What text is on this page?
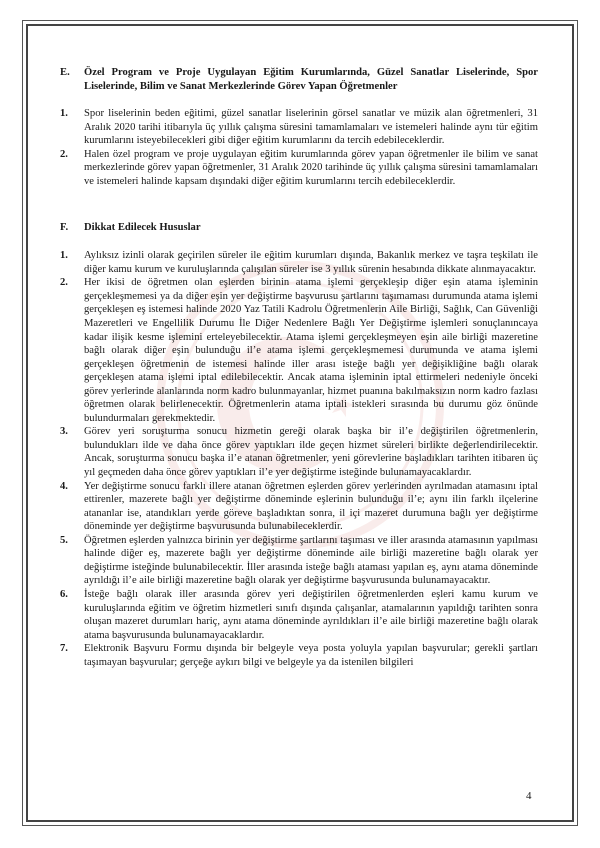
E.	Özel Program ve Proje Uygulayan Eğitim Kurumlarında, Güzel Sanatlar Liselerinde, Spor Liselerinde, Bilim ve Sanat Merkezlerinde Görev Yapan Öğretmenler
1.	Spor liselerinin beden eğitimi, güzel sanatlar liselerinin görsel sanatlar ve müzik alan öğretmenleri, 31 Aralık 2020 tarihi itibarıyla üç yıllık çalışma süresini tamamlamaları ve istemeleri halinde aynı tür eğitim kurumlarını isteyebilecekleri gibi diğer eğitim kurumlarını da tercih edebileceklerdir.
2.	Halen özel program ve proje uygulayan eğitim kurumlarında görev yapan öğretmenler ile bilim ve sanat merkezlerinde görev yapan öğretmenler, 31 Aralık 2020 tarihinde üç yıllık çalışma süresini tamamlamaları ve istemeleri halinde kapsam dışındaki diğer eğitim kurumlarını tercih edebileceklerdir.
F.	Dikkat Edilecek Hususlar
1.	Aylıksız izinli olarak geçirilen süreler ile eğitim kurumları dışında, Bakanlık merkez ve taşra teşkilatı ile diğer kamu kurum ve kuruluşlarında çalışılan süreler ise 3 yıllık sürenin hesabında dikkate alınmayacaktır.
2.	Her ikisi de öğretmen olan eşlerden birinin atama işlemi gerçekleşip diğer eşin atama işleminin gerçekleşmemesi ya da diğer eşin yer değiştirme başvurusu şartlarını taşımaması durumunda atama işlemi gerçekleşen eş istemesi halinde 2020 Yaz Tatili Kadrolu Öğretmenlerin Aile Birliği, Sağlık, Can Güvenliği Mazeretleri ve Engellilik Durumu İle Diğer Nedenlere Bağlı Yer Değiştirme işlemleri sonuçlanıncaya kadar ilişik kesme işlemini erteleyebilecektir. Atama işlemi gerçekleşmeyen eşin aile birliği mazeretine bağlı olarak diğer eşin bulunduğu il’e atama işlemi gerçekleşmemesi durumunda ve atama işlemi gerçekleşen öğretmenin de istemesi halinde iller arası isteğe bağlı yer değişikliğine bağlı olarak gerçekleşen atama işlemi iptal edilebilecektir. Ancak atama işleminin iptal ettirmeleri nedeniyle önceki görev yerlerinde alanlarında norm kadro bulunmayanlar, hizmet puanına bakılmaksızın norm kadro fazlası öğretmen olarak belirlenecektir. Öğretmenlerin atama iptali istekleri sırasında bu durumu göz önünde bulundurmaları gerekmektedir.
3.	Görev yeri soruşturma sonucu hizmetin gereği olarak başka bir il’e değiştirilen öğretmenlerin, bulundukları ilde ve daha önce görev yaptıkları ilde geçen hizmet süreleri birlikte değerlendirilecektir. Ancak, soruşturma sonucu başka il’e atanan öğretmenler, yeni görevlerine başladıkları tarihten itibaren üç yıl geçmeden daha önce görev yaptıkları il’e yer değiştirme isteğinde bulunamayacaklardır.
4.	Yer değiştirme sonucu farklı illere atanan öğretmen eşlerden görev yerlerinden ayrılmadan atamasını iptal ettirenler, mazerete bağlı yer değiştirme döneminde eşlerinin bulunduğu il’e; aynı ilin farklı ilçelerine atananlar ise, atandıkları yerde göreve başladıktan sonra, il içi mazeret durumuna bağlı yer değiştirme döneminde yer değiştirme başvurusunda bulunabileceklerdir.
5.	Öğretmen eşlerden yalnızca birinin yer değiştirme şartlarını taşıması ve iller arasında atamasının yapılması halinde diğer eş, mazerete bağlı yer değiştirme döneminde aile birliği mazeretine bağlı olarak yer değiştirme isteğinde bulunabilecektir. İller arasında isteğe bağlı ataması yapılan eş, aynı atama döneminde ayrıldığı il’e aile birliği mazeretine bağlı olarak yer değiştirme başvurusunda bulunamayacaktır.
6.	İsteğe bağlı olarak iller arasında görev yeri değiştirilen öğretmenlerden eşleri kamu kurum ve kuruluşlarında eğitim ve öğretim hizmetleri sınıfı dışında çalışanlar, atamalarının yapıldığı tarihten sonra oluşan mazeret durumları hariç, aynı atama döneminde ayrıldıkları il’e aile birliği mazeretine bağlı olarak atama başvurusunda bulunamayacaklardır.
7.	Elektronik Başvuru Formu dışında bir belgeyle veya posta yoluyla yapılan başvurular; gerekli şartları taşımayan başvurular; gerçeğe aykırı bilgi ve belgeyle ya da istenilen bilgileri
4
